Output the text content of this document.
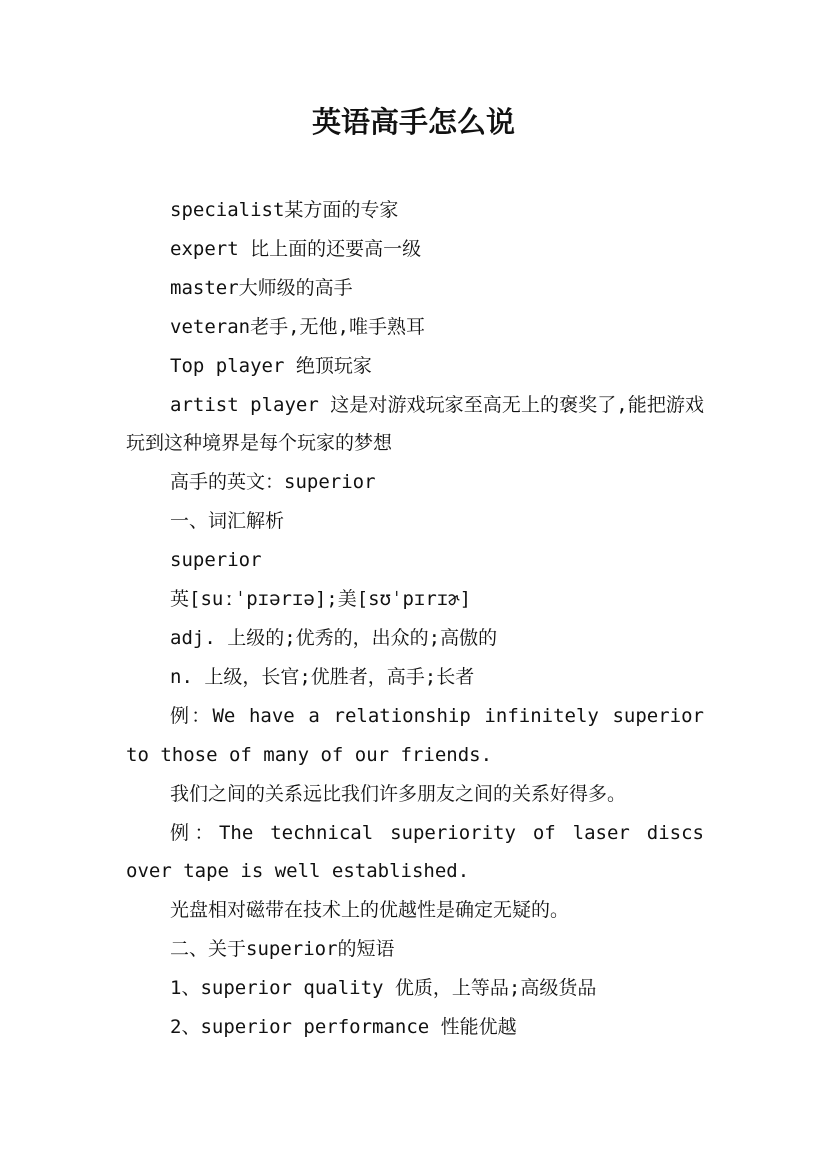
英语高手怎么说

specialist某方面的专家

expert 比上面的还要高一级

master大师级的高手

veteran老手,无他,唯手熟耳

Top player 绝顶玩家

artist player 这是对游戏玩家至高无上的褒奖了,能把游戏玩到这种境界是每个玩家的梦想

高手的英文：superior

一、词汇解析

superior

英[suːˈpɪərɪə];美[sʊˈpɪrɪɚ]

adj. 上级的;优秀的，出众的;高傲的

n. 上级，长官;优胜者，高手;长者

例：We have a relationship infinitely superior to those of many of our friends.

我们之间的关系远比我们许多朋友之间的关系好得多。

例：The technical superiority of laser discs over tape is well established.

光盘相对磁带在技术上的优越性是确定无疑的。

二、关于superior的短语

1、superior quality 优质，上等品;高级货品

2、superior performance 性能优越
